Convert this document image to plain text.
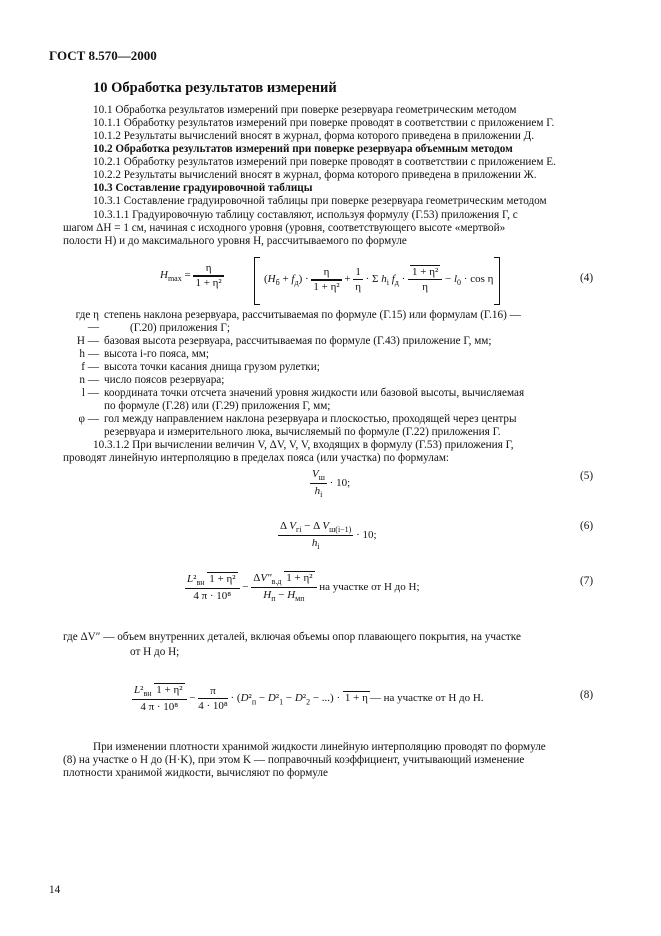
ГОСТ 8.570—2000
10 Обработка результатов измерений
10.1 Обработка результатов измерений при поверке резервуара геометрическим методом
10.1.1 Обработку результатов измерений при поверке проводят в соответствии с приложением Г.
10.1.2 Результаты вычислений вносят в журнал, форма которого приведена в приложении Д.
10.2 Обработка результатов измерений при поверке резервуара объемным методом
10.2.1 Обработку результатов измерений при поверке проводят в соответствии с приложением Е.
10.2.2 Результаты вычислений вносят в журнал, форма которого приведена в приложении Ж.
10.3 Составление градуировочной таблицы
10.3.1 Составление градуировочной таблицы при поверке резервуара геометрическим методом
10.3.1.1 Градуировочную таблицу составляют, используя формулу (Г.53) приложения Г, с
шагом ΔH = 1 см, начиная с исходного уровня (уровня, соответствующего высоте «мертвой»
полости H) и до максимального уровня H, рассчитываемого по формуле
$H_{max} = \frac{\eta}{\text{1 + η²}}$	$(H_б + f_д) \cdot \frac{\eta}{\text{1 + η²}} + \frac{1}{\eta} \cdot \Sigma$ $h_i$ $f_д \cdot \frac{\text{1 + η²}}{\eta} - l_0 \cdot \cos \eta$	(4)
где η —
степень наклона резервуара, рассчитываемая по формуле (Г.15) или формулам (Г.16) —
(Г.20) приложения Г;
H — базовая высота резервуара, рассчитываемая по формуле (Г.43) приложение Г, мм;
h — высота i-го пояса, мм;
f — высота точки касания днища грузом рулетки;
n — число поясов резервуара;
l — координата точки отсчета значений уровня жидкости или базовой высоты, вычисляемая
по формуле (Г.28) или (Г.29) приложения Г, мм;
φ — гол между направлением наклона резервуара и плоскостью, проходящей через центры
резервуара и измерительного люка, вычисляемый по формуле (Г.22) приложения Г.
10.3.1.2 При вычислении величин V, ΔV, V, V, входящих в формулу (Г.53) приложения Г,
проводят линейную интерполяцию в пределах пояса (или участка) по формулам:
$\frac{V_ш}{h_i} \cdot 10$;
(5)
$\frac{\Delta V_{гi} - \Delta V_{ш(i-1)}}{h_i} \cdot 10$;
(6)
$\frac{L^2_{вн} 1 + \eta^2}{\text{4 π · 10⁸}} - \frac{\Delta V''_{в.д} 1 + \eta^2}{H_п - H_{мп}}$ на участке от H до H;
(7)
где ΔV″ — объем внутренних деталей, включая объемы опор плавающего покрытия, на участке
от H до H;
$\frac{L^2_{вн} 1 + \eta^2}{\text{4 π · 10⁸}} - \frac{\pi}{\text{4 · 10⁸}} \cdot (D^2_п - D^2_1 - D^2_2$ − ...) · 1 + η — на участке от H до H.	(8)
При изменении плотности хранимой жидкости линейную интерполяцию проводят по формуле
(8) на участке о H до (H·K), при этом K — поправочный коэффициент, учитывающий изменение
плотности хранимой жидкости, вычисляют по формуле
14
